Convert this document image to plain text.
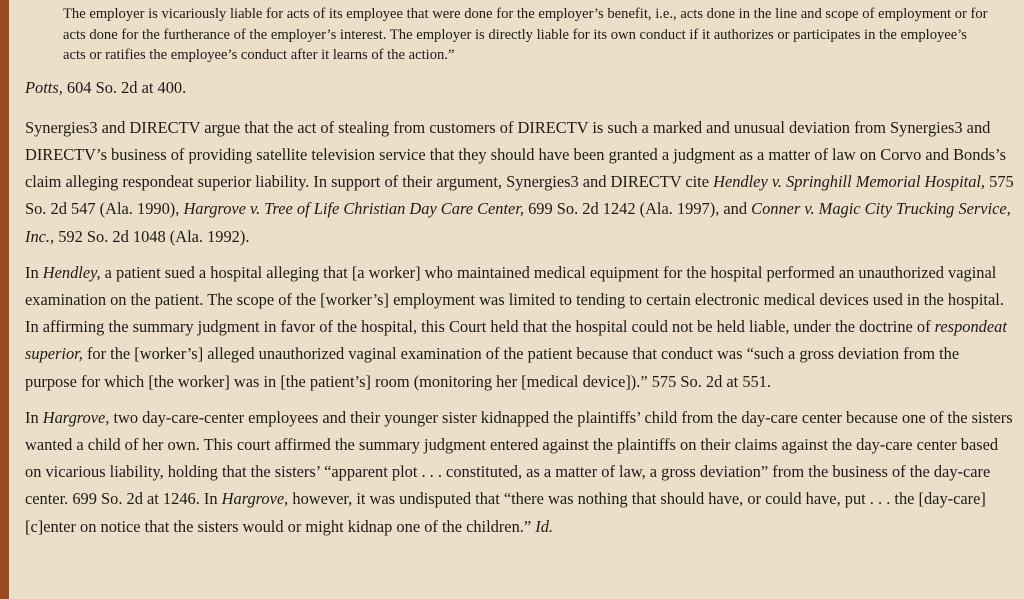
The employer is vicariously liable for acts of its employee that were done for the employer’s benefit, i.e., acts done in the line and scope of employment or for acts done for the furtherance of the employer’s interest. The employer is directly liable for its own conduct if it authorizes or participates in the employee’s acts or ratifies the employee’s conduct after it learns of the action.”

Potts, 604 So. 2d at 400.

Synergies3 and DIRECTV argue that the act of stealing from customers of DIRECTV is such a marked and unusual deviation from Synergies3 and DIRECTV’s business of providing satellite television service that they should have been granted a judgment as a matter of law on Corvo and Bonds’s claim alleging respondeat superior liability. In support of their argument, Synergies3 and DIRECTV cite Hendley v. Springhill Memorial Hospital, 575 So. 2d 547 (Ala. 1990), Hargrove v. Tree of Life Christian Day Care Center, 699 So. 2d 1242 (Ala. 1997), and Conner v. Magic City Trucking Service, Inc., 592 So. 2d 1048 (Ala. 1992).

In Hendley, a patient sued a hospital alleging that [a worker] who maintained medical equipment for the hospital performed an unauthorized vaginal examination on the patient. The scope of the [worker’s] employment was limited to tending to certain electronic medical devices used in the hospital. In affirming the summary judgment in favor of the hospital, this Court held that the hospital could not be held liable, under the doctrine of respondeat superior, for the [worker’s] alleged unauthorized vaginal examination of the patient because that conduct was “such a gross deviation from the purpose for which [the worker] was in [the patient’s] room (monitoring her [medical device]).” 575 So. 2d at 551.

In Hargrove, two day-care-center employees and their younger sister kidnapped the plaintiffs’ child from the day-care center because one of the sisters wanted a child of her own. This court affirmed the summary judgment entered against the plaintiffs on their claims against the day-care center based on vicarious liability, holding that the sisters’ “apparent plot . . . constituted, as a matter of law, a gross deviation” from the business of the day-care center. 699 So. 2d at 1246. In Hargrove, however, it was undisputed that “there was nothing that should have, or could have, put . . . the [day-care] [c]enter on notice that the sisters would or might kidnap one of the children.” Id.
